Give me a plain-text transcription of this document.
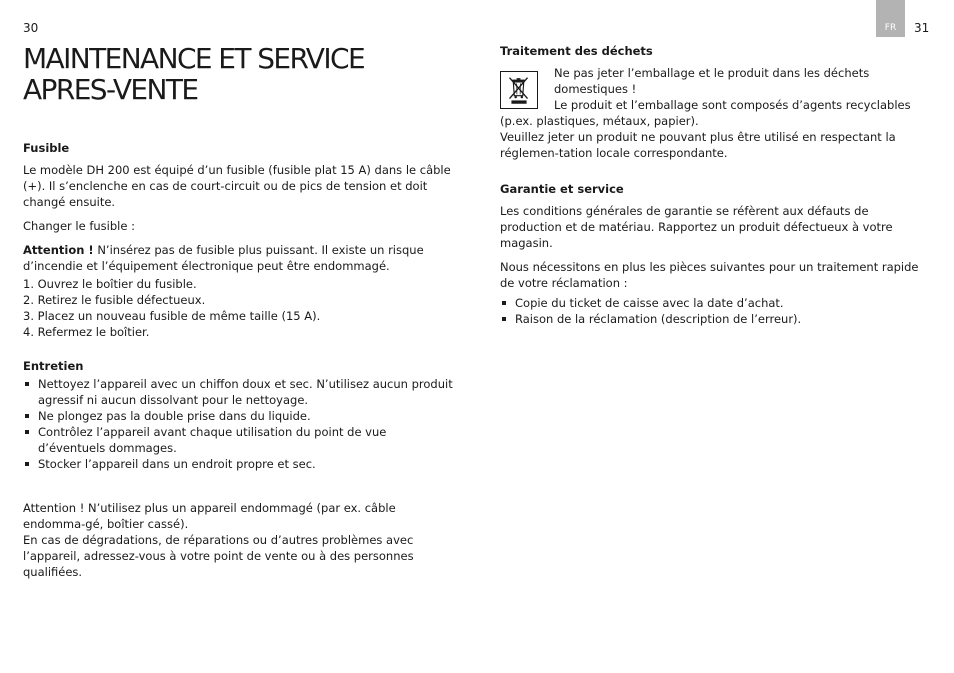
30	FR 31
MAINTENANCE ET SERVICE
APRES-VENTE
Fusible

Le modèle DH 200 est équipé d’un fusible (fusible plat 15 A) dans le câble (+). Il s’enclenche en cas de court-circuit ou de pics de tension et doit changé ensuite.

Changer le fusible :

Attention ! N’insérez pas de fusible plus puissant. Il existe un risque d’incendie et l’équipement électronique peut être endommagé.

1. Ouvrez le boîtier du fusible.
2. Retirez le fusible défectueux.
3. Placez un nouveau fusible de même taille (15 A).
4. Refermez le boîtier.
Entretien
Nettoyez l’appareil avec un chiffon doux et sec. N’utilisez aucun produit agressif ni aucun dissolvant pour le nettoyage.
Ne plongez pas la double prise dans du liquide.
Contrôlez l’appareil avant chaque utilisation du point de vue d’éventuels dommages.
Stocker l’appareil dans un endroit propre et sec.

Attention ! N’utilisez plus un appareil endommagé (par ex. câble endomma-gé, boîtier cassé).

En cas de dégradations, de réparations ou d’autres problèmes avec l’appareil, adressez-vous à votre point de vente ou à des personnes qualifiées.

Traitement des déchets

Ne pas jeter l’emballage et le produit dans les déchets domestiques !

Le produit et l’emballage sont composés d’agents recyclables (p.ex. plastiques, métaux, papier).

Veuillez jeter un produit ne pouvant plus être utilisé en respectant la réglemen-tation locale correspondante.

Garantie et service

Les conditions générales de garantie se réfèrent aux défauts de production et de matériau. Rapportez un produit défectueux à votre magasin.

Nous nécessitons en plus les pièces suivantes pour un traitement rapide de votre réclamation :

Copie du ticket de caisse avec la date d’achat.
Raison de la réclamation (description de l’erreur).
